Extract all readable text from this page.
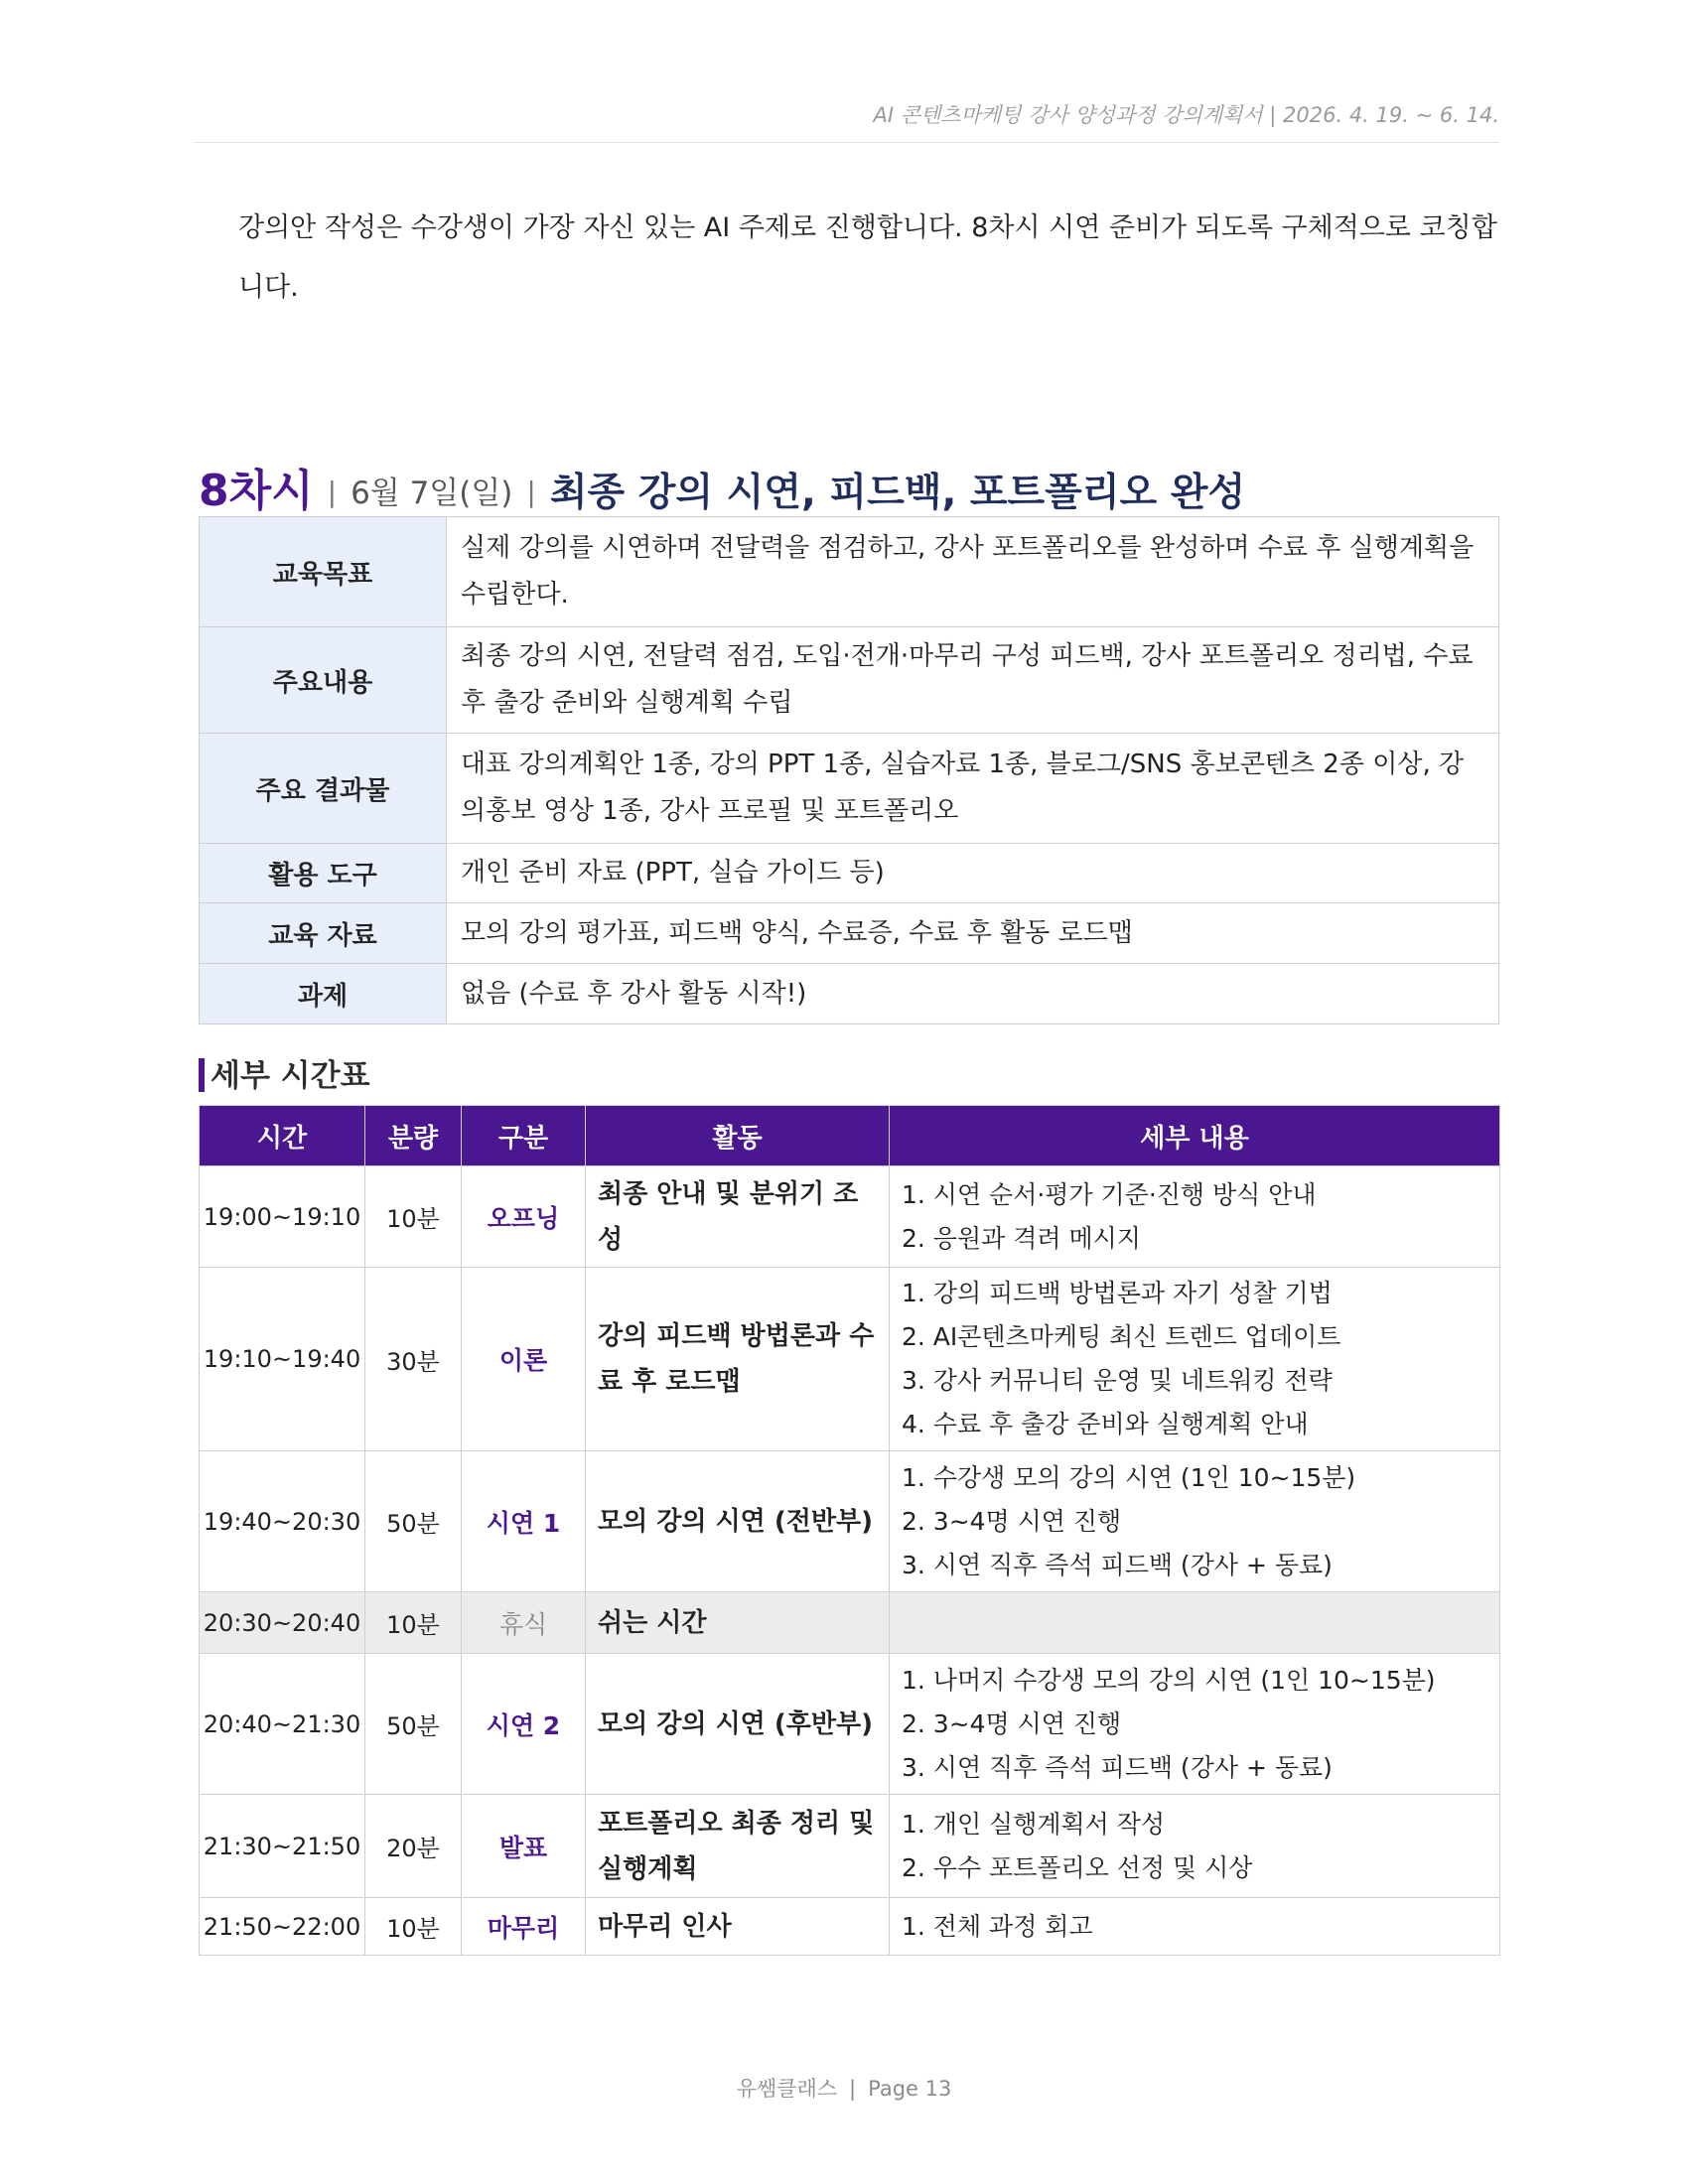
AI 콘텐츠마케팅 강사 양성과정 강의계획서 | 2026. 4. 19. ~ 6. 14.
강의안 작성은 수강생이 가장 자신 있는 AI 주제로 진행합니다. 8차시 시연 준비가 되도록 구체적으로 코칭합니다.
8차시 | 6월 7일(일) | 최종 강의 시연, 피드백, 포트폴리오 완성
교육목표	실제 강의를 시연하며 전달력을 점검하고, 강사 포트폴리오를 완성하며 수료 후 실행계획을 수립한다.
주요내용	최종 강의 시연, 전달력 점검, 도입·전개·마무리 구성 피드백, 강사 포트폴리오 정리법, 수료 후 출강 준비와 실행계획 수립
주요 결과물	대표 강의계획안 1종, 강의 PPT 1종, 실습자료 1종, 블로그/SNS 홍보콘텐츠 2종 이상, 강의홍보 영상 1종, 강사 프로필 및 포트폴리오
활용 도구	개인 준비 자료 (PPT, 실습 가이드 등)
교육 자료	모의 강의 평가표, 피드백 양식, 수료증, 수료 후 활동 로드맵
과제	없음 (수료 후 강사 활동 시작!)
세부 시간표
시간	분량	구분	활동	세부 내용
19:00~19:10	10분	오프닝	최종 안내 및 분위기 조성	1. 시연 순서·평가 기준·진행 방식 안내
2. 응원과 격려 메시지

19:10~19:40	30분	이론	강의 피드백 방법론과 수료 후 로드맵	1. 강의 피드백 방법론과 자기 성찰 기법
2. AI콘텐츠마케팅 최신 트렌드 업데이트
3. 강사 커뮤니티 운영 및 네트워킹 전략
4. 수료 후 출강 준비와 실행계획 안내

19:40~20:30	50분	시연 1	모의 강의 시연 (전반부)	1. 수강생 모의 강의 시연 (1인 10~15분)
2. 3~4명 시연 진행
3. 시연 직후 즉석 피드백 (강사 + 동료)

20:30~20:40	10분	휴식	쉬는 시간	
20:40~21:30	50분	시연 2	모의 강의 시연 (후반부)	1. 나머지 수강생 모의 강의 시연 (1인 10~15분)
2. 3~4명 시연 진행
3. 시연 직후 즉석 피드백 (강사 + 동료)

21:30~21:50	20분	발표	포트폴리오 최종 정리 및 실행계획	1. 개인 실행계획서 작성
2. 우수 포트폴리오 선정 및 시상

21:50~22:00	10분	마무리	마무리 인사	1. 전체 과정 회고
유쌤클래스 | Page 13
